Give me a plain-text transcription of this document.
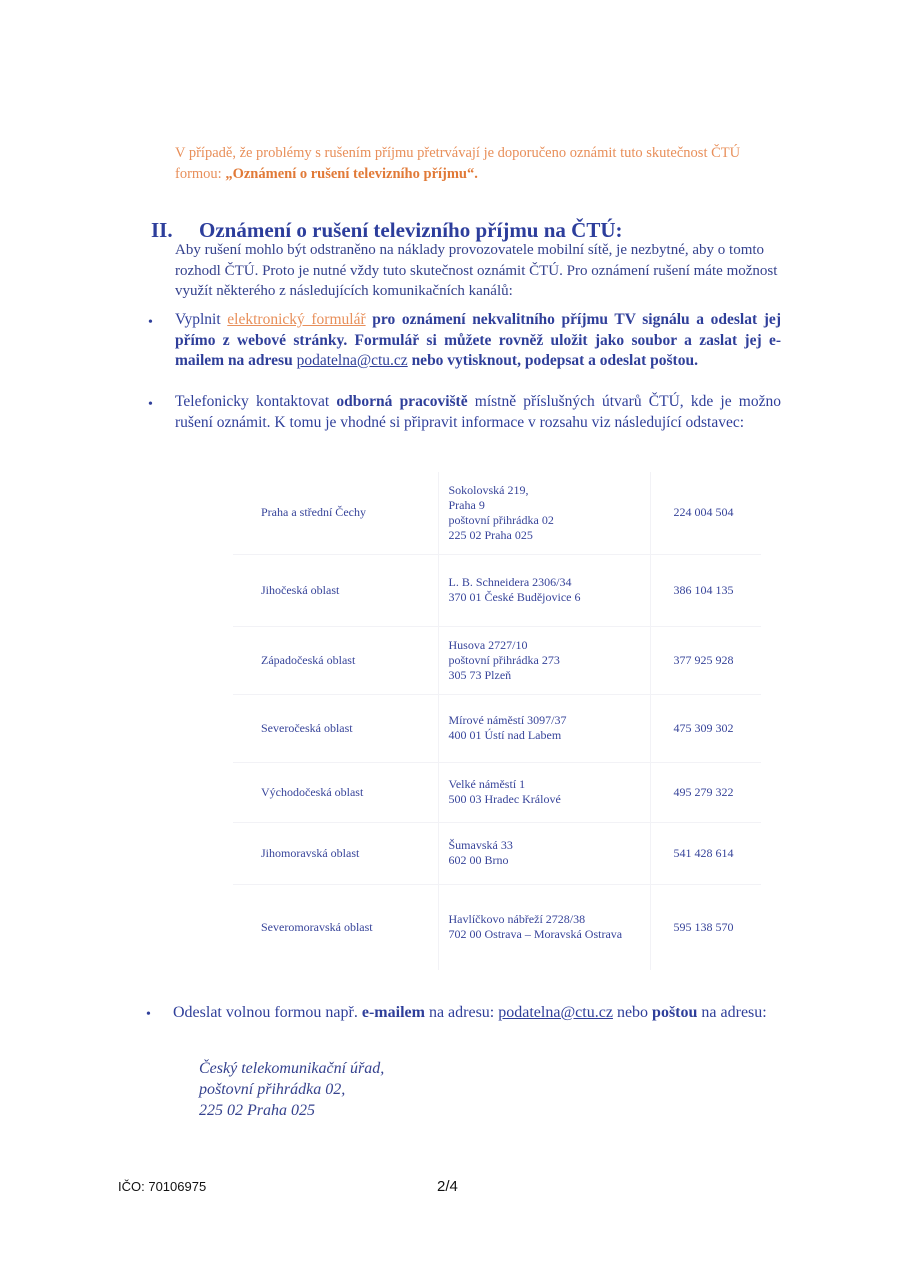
V případě, že problémy s rušením příjmu přetrvávají je doporučeno oznámit tuto skutečnost ČTÚ formou: „Oznámení o rušení televizního příjmu“.
II. Oznámení o rušení televizního příjmu na ČTÚ:
Aby rušení mohlo být odstraněno na náklady provozovatele mobilní sítě, je nezbytné, aby o tomto rozhodl ČTÚ. Proto je nutné vždy tuto skutečnost oznámit ČTÚ. Pro oznámení rušení máte možnost využít některého z následujících komunikačních kanálů:
• Vyplnit elektronický formulář pro oznámení nekvalitního příjmu TV signálu a odeslat jej přímo z webové stránky. Formulář si můžete rovněž uložit jako soubor a zaslat jej e-mailem na adresu podatelna@ctu.cz nebo vytisknout, podepsat a odeslat poštou.
• Telefonicky kontaktovat odborná pracoviště místně příslušných útvarů ČTÚ, kde je možno rušení oznámit. K tomu je vhodné si připravit informace v rozsahu viz následující odstavec:
Praha a střední Čechy	Sokolovská 219,
Praha 9
poštovní přihrádka 02
225 02 Praha 025	224 004 504
Jihočeská oblast	L. B. Schneidera 2306/34
370 01 České Budějovice 6	386 104 135
Západočeská oblast	Husova 2727/10
poštovní přihrádka 273
305 73 Plzeň	377 925 928
Severočeská oblast	Mírové náměstí 3097/37
400 01 Ústí nad Labem	475 309 302
Východočeská oblast	Velké náměstí 1
500 03 Hradec Králové	495 279 322
Jihomoravská oblast	Šumavská 33
602 00 Brno	541 428 614
Severomoravská oblast	Havlíčkovo nábřeží 2728/38
702 00 Ostrava – Moravská Ostrava	595 138 570
• Odeslat volnou formou např. e-mailem na adresu: podatelna@ctu.cz nebo poštou na adresu:
Český telekomunikační úřad,
poštovní přihrádka 02,
225 02 Praha 025
IČO: 70106975	2/4
